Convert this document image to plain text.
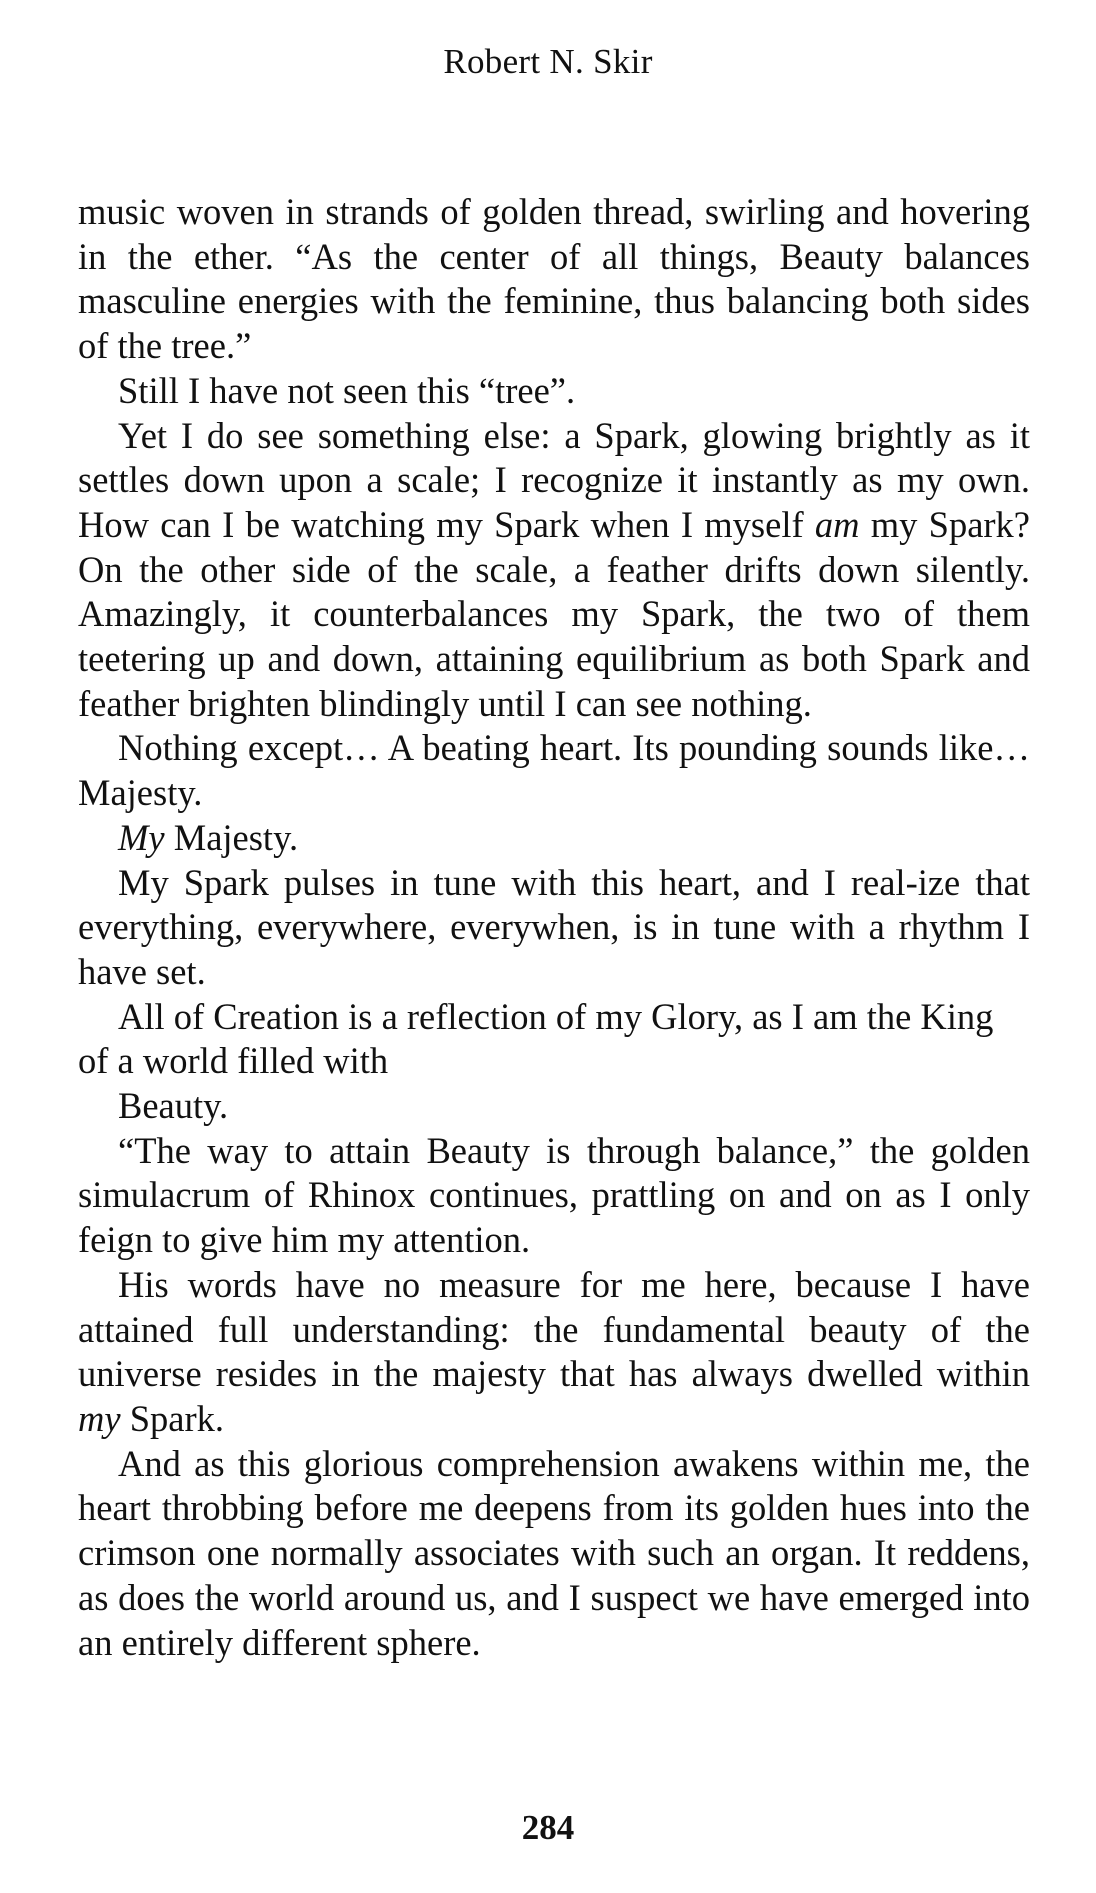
Robert N. Skir

music woven in strands of golden thread, swirling and hovering in the ether. “As the center of all things, Beauty balances masculine energies with the feminine, thus balancing both sides of the tree.”

Still I have not seen this “tree”.

Yet I do see something else: a Spark, glowing brightly as it settles down upon a scale; I recognize it instantly as my own. How can I be watching my Spark when I myself am my Spark? On the other side of the scale, a feather drifts down silently. Amazingly, it counterbalances my Spark, the two of them teetering up and down, attaining equilibrium as both Spark and feather brighten blindingly until I can see nothing.

Nothing except… A beating heart. Its pounding sounds like… Majesty.

My Majesty.

My Spark pulses in tune with this heart, and I real-ize that everything, everywhere, everywhen, is in tune with a rhythm I have set.

All of Creation is a reflection of my Glory, as I am the King of a world filled with

Beauty.

“The way to attain Beauty is through balance,” the golden simulacrum of Rhinox continues, prattling on and on as I only feign to give him my attention.

His words have no measure for me here, because I have attained full understanding: the fundamental beauty of the universe resides in the majesty that has always dwelled within my Spark.

And as this glorious comprehension awakens within me, the heart throbbing before me deepens from its golden hues into the crimson one normally associates with such an organ. It reddens, as does the world around us, and I suspect we have emerged into an entirely different sphere.

284
